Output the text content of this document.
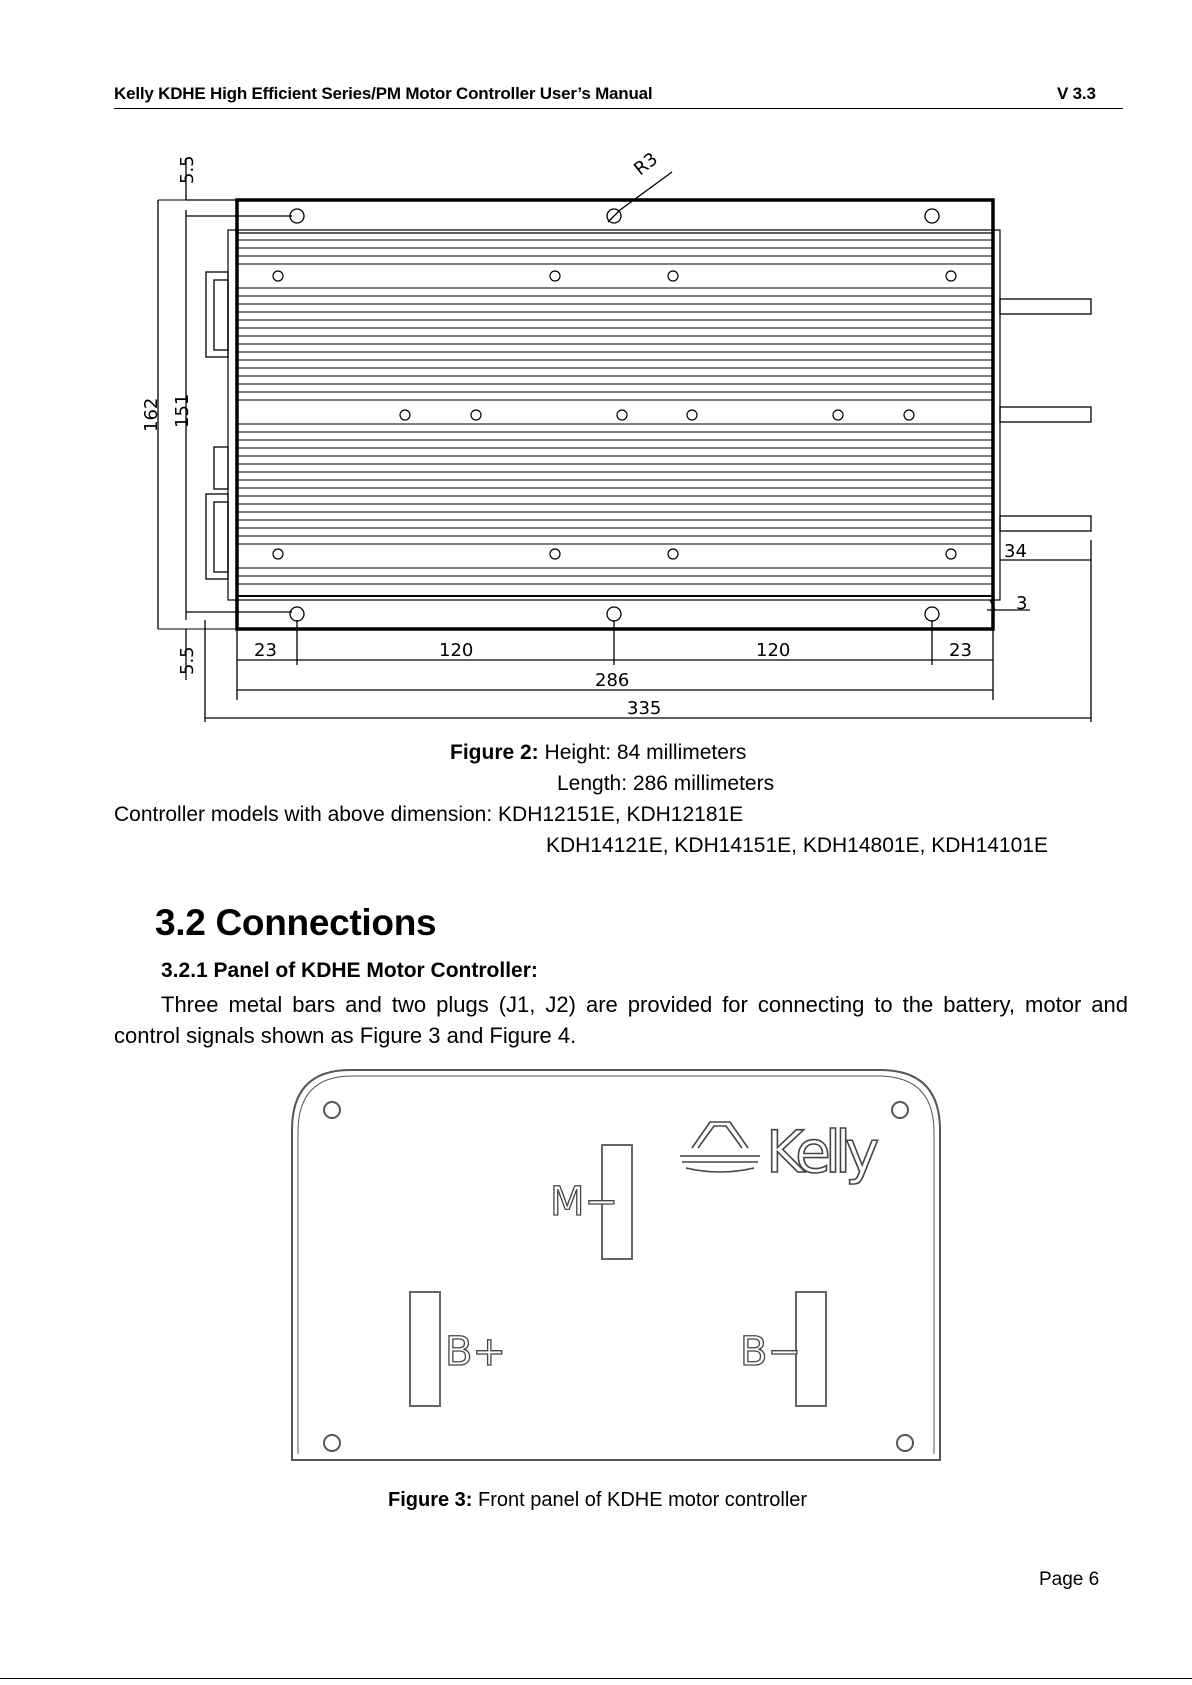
Kelly KDHE High Efficient Series/PM Motor Controller User’s Manual	V 3.3
5.5
162 151
5.5
R3
34
3
23	120	120	23
286
335
Figure 2: Height: 84 millimeters
Length: 286 millimeters
Controller models with above dimension: KDH12151E, KDH12181E
KDH14121E, KDH14151E, KDH14801E, KDH14101E
3.2 Connections
3.2.1 Panel of KDHE Motor Controller:
Three metal bars and two plugs (J1, J2) are provided for connecting to the battery, motor and control signals shown as Figure 3 and Figure 4.
Kelly
M−
B+	B−
Figure 3: Front panel of KDHE motor controller
Page 6
